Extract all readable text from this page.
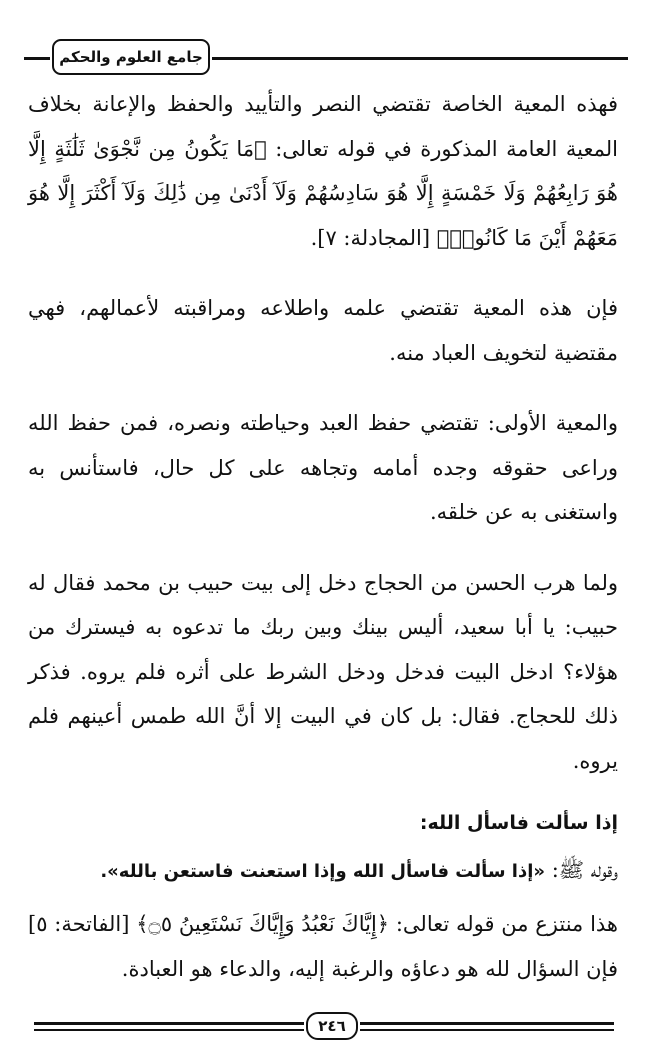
جامع العلوم والحكم

فهذه المعية الخاصة تقتضي النصر والتأييد والحفظ والإعانة بخلاف المعية العامة المذكورة في قوله تعالى: ﴿مَا يَكُونُ مِن نَّجْوَىٰ ثَلَٰثَةٍ إِلَّا هُوَ رَابِعُهُمْ وَلَا خَمْسَةٍ إِلَّا هُوَ سَادِسُهُمْ وَلَآ أَدْنَىٰ مِن ذَٰلِكَ وَلَآ أَكْثَرَ إِلَّا هُوَ مَعَهُمْ أَيْنَ مَا كَانُوا۟﴾ [المجادلة: ٧].

فإن هذه المعية تقتضي علمه واطلاعه ومراقبته لأعمالهم، فهي مقتضية لتخويف العباد منه.

والمعية الأولى: تقتضي حفظ العبد وحياطته ونصره، فمن حفظ الله وراعى حقوقه وجده أمامه وتجاهه على كل حال، فاستأنس به واستغنى به عن خلقه.

ولما هرب الحسن من الحجاج دخل إلى بيت حبيب بن محمد فقال له حبيب: يا أبا سعيد، أليس بينك وبين ربك ما تدعوه به فيسترك من هؤلاء؟ ادخل البيت فدخل ودخل الشرط على أثره فلم يروه. فذكر ذلك للحجاج. فقال: بل كان في البيت إلا أنَّ الله طمس أعينهم فلم يروه.

إذا سألت فاسأل الله:

وقوله ﷺ: «إذا سألت فاسأل الله وإذا استعنت فاستعن بالله».

هذا منتزع من قوله تعالى: ﴿إِيَّاكَ نَعْبُدُ وَإِيَّاكَ نَسْتَعِينُ ۝٥﴾ [الفاتحة: ٥] فإن السؤال لله هو دعاؤه والرغبة إليه، والدعاء هو العبادة.

٢٤٦
